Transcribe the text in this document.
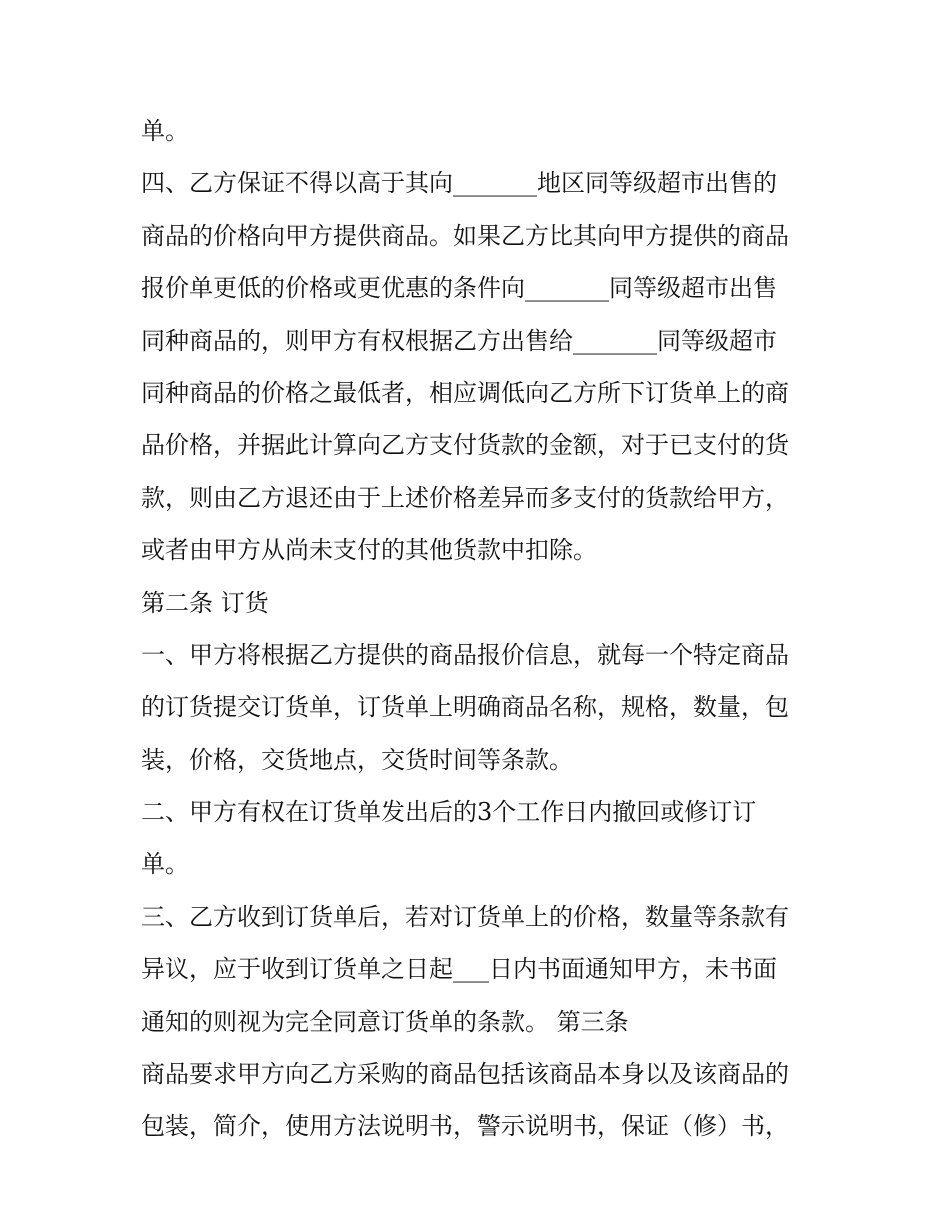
单。
四、乙方保证不得以高于其向_______地区同等级超市出售的
商品的价格向甲方提供商品。如果乙方比其向甲方提供的商品
报价单更低的价格或更优惠的条件向_______同等级超市出售
同种商品的，则甲方有权根据乙方出售给_______同等级超市
同种商品的价格之最低者，相应调低向乙方所下订货单上的商
品价格，并据此计算向乙方支付货款的金额，对于已支付的货
款，则由乙方退还由于上述价格差异而多支付的货款给甲方，
或者由甲方从尚未支付的其他货款中扣除。
第二条 订货
一、甲方将根据乙方提供的商品报价信息，就每一个特定商品
的订货提交订货单，订货单上明确商品名称，规格，数量，包
装，价格，交货地点，交货时间等条款。
二、甲方有权在订货单发出后的3个工作日内撤回或修订订
单。
三、乙方收到订货单后，若对订货单上的价格，数量等条款有
异议，应于收到订货单之日起___日内书面通知甲方，未书面
通知的则视为完全同意订货单的条款。 第三条
商品要求甲方向乙方采购的商品包括该商品本身以及该商品的
包装，简介，使用方法说明书，警示说明书，保证（修）书，
